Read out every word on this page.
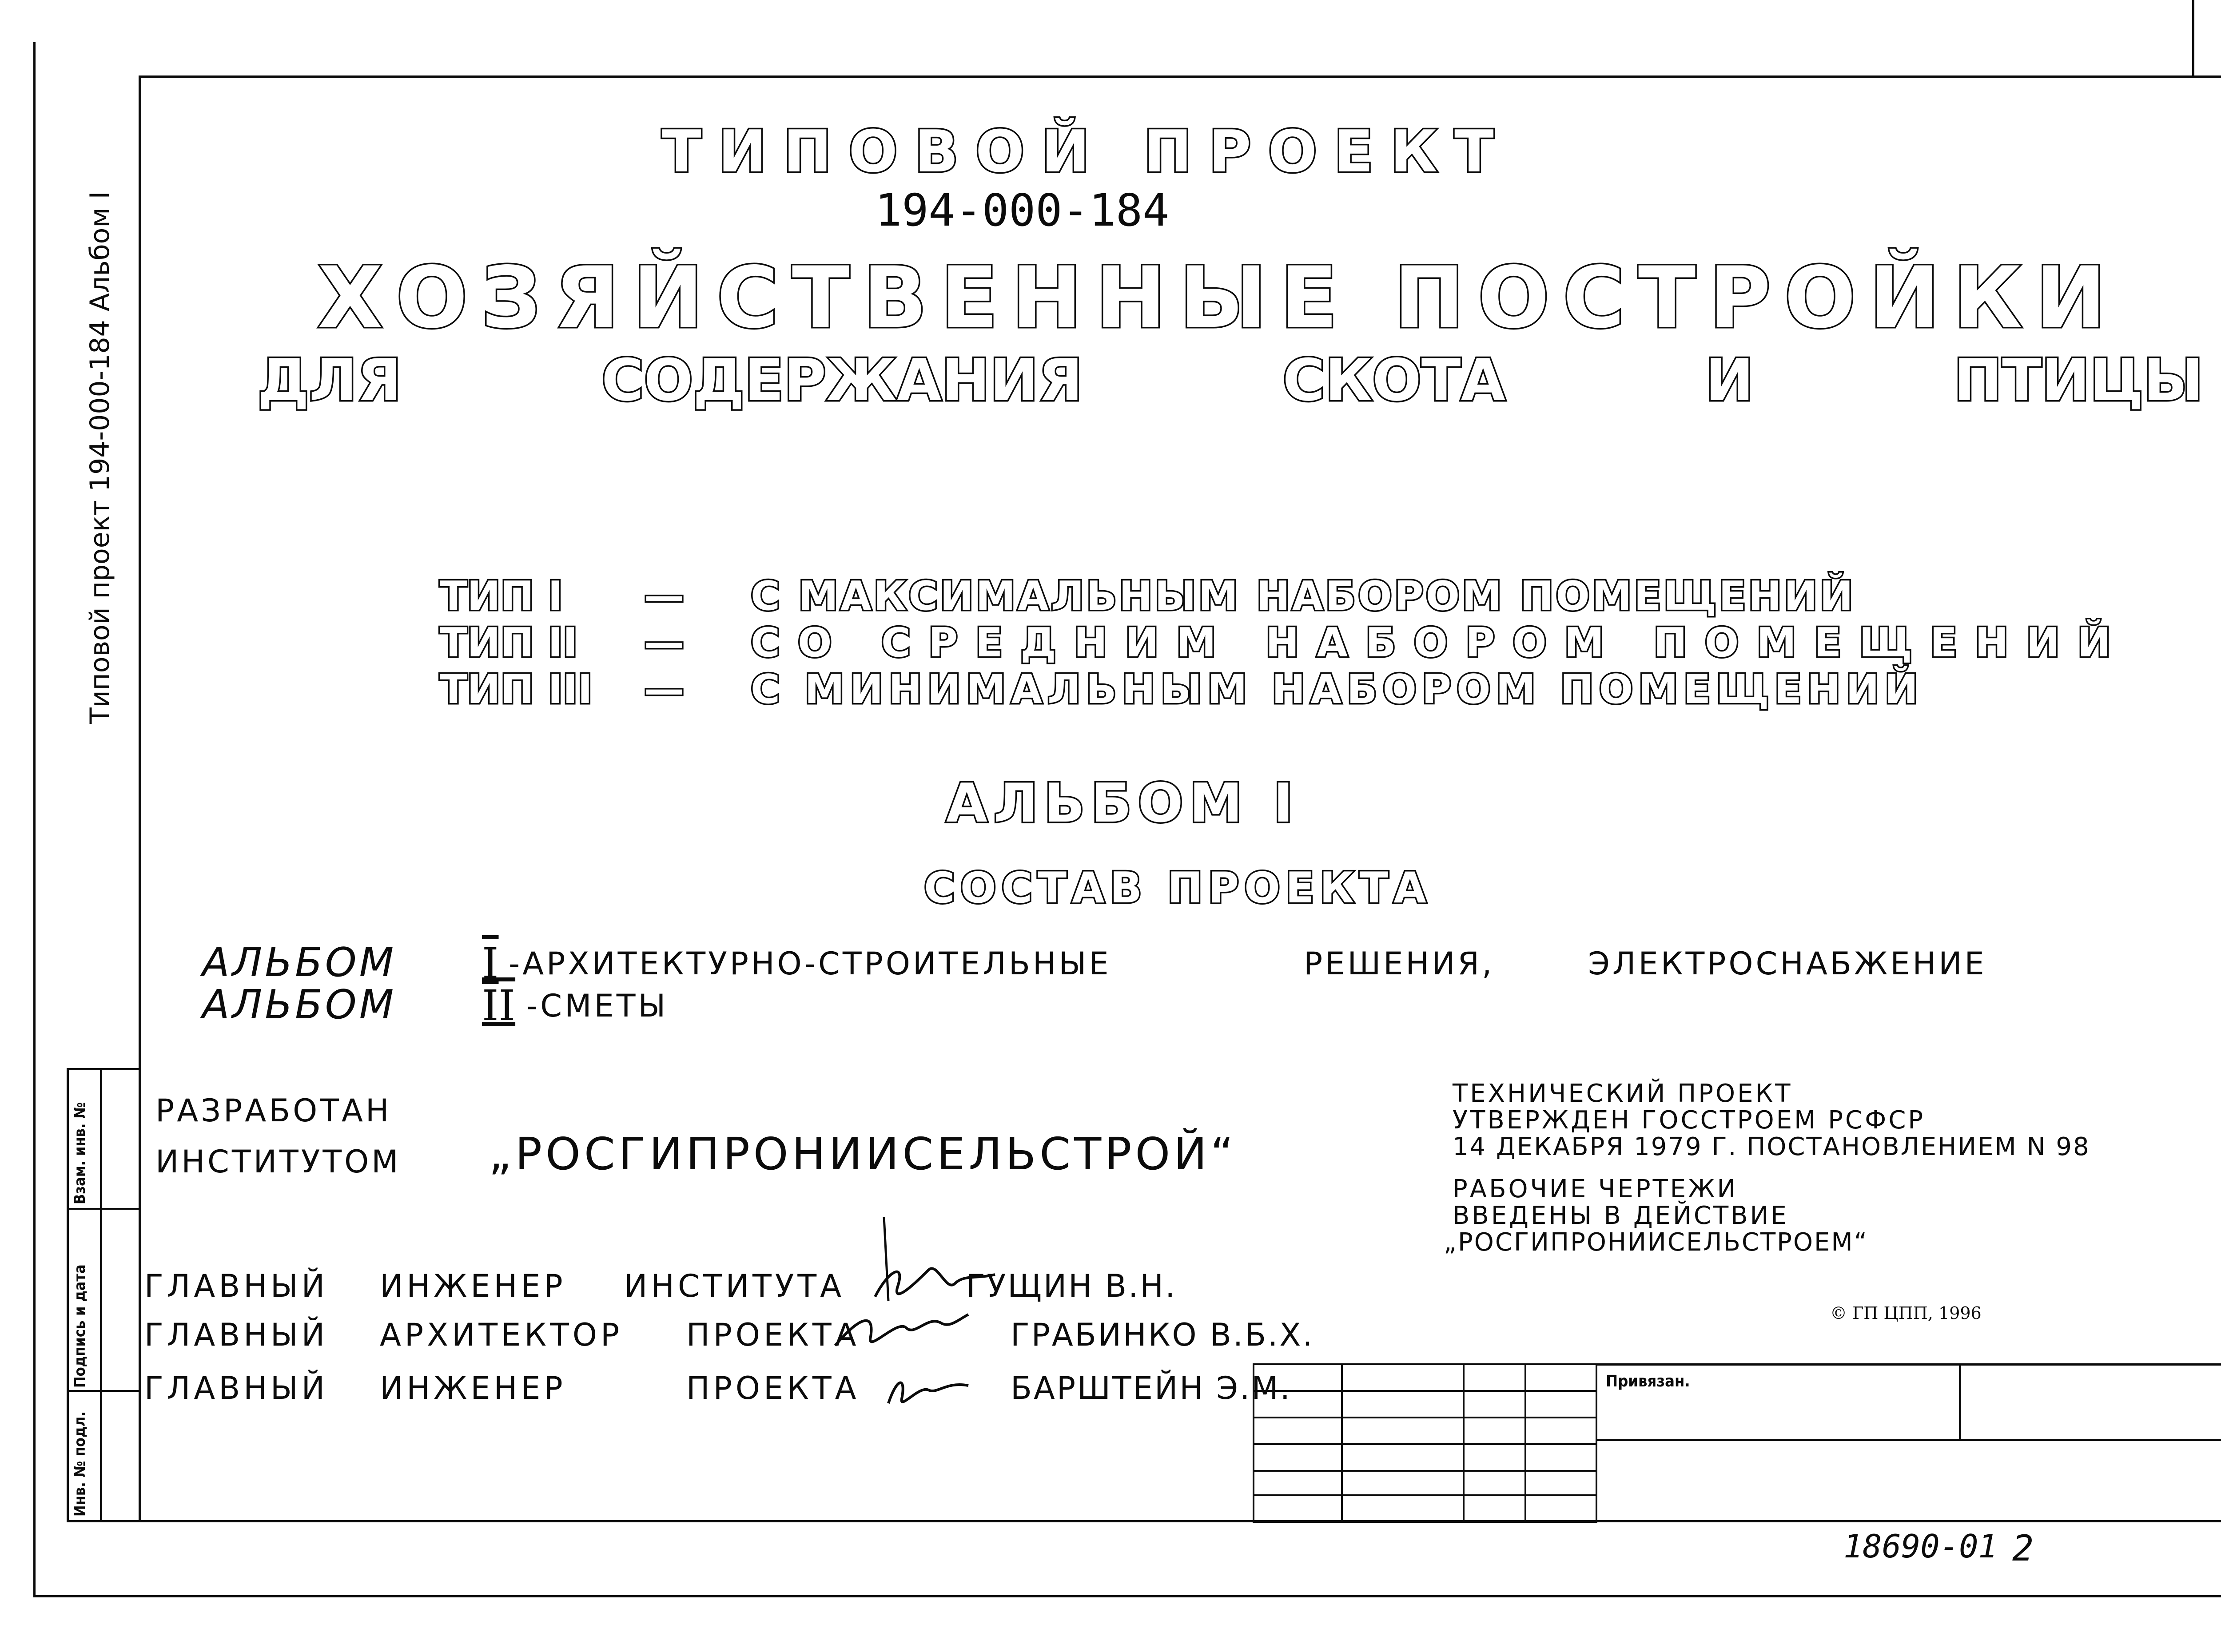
Типовой проект 194-000-184 Альбом I
Инв. № подл.
Подпись и дата
Взам. инв. №
ТИПОВОЙ ПРОЕКТ
194-000-184
ХОЗЯЙСТВЕННЫЕ ПОСТРОЙКИ
ДЛЯ	СОДЕРЖАНИЯ	СКОТА	И	ПТИЦЫ
ТИП I — С МАКСИМАЛЬНЫМ НАБОРОМ ПОМЕЩЕНИЙ
ТИП II — СО СРЕДНИМ НАБОРОМ ПОМЕЩЕНИЙ
ТИП III — С МИНИМАЛЬНЫМ НАБОРОМ ПОМЕЩЕНИЙ
АЛЬБОМ I
СОСТАВ ПРОЕКТА
АЛЬБОМ I -АРХИТЕКТУРНО-СТРОИТЕЛЬНЫЕ	РЕШЕНИЯ,	ЭЛЕКТРОСНАБЖЕНИЕ
АЛЬБОМ II -СМЕТЫ
РАЗРАБОТАН
ИНСТИТУТОМ „РОСГИПРОНИИСЕЛЬСТРОЙ“
ТЕХНИЧЕСКИЙ ПРОЕКТ
УТВЕРЖДЕН ГОССТРОЕМ РСФСР
14 ДЕКАБРЯ 1979 Г. ПОСТАНОВЛЕНИЕМ N 98
РАБОЧИЕ ЧЕРТЕЖИ
ВВЕДЕНЫ В ДЕЙСТВИЕ
„РОСГИПРОНИИСЕЛЬСТРОЕМ“
© ГП ЦПП, 1996
ГЛАВНЫЙ ИНЖЕНЕР ИНСТИТУТА	ГУЩИН В.Н.
ГЛАВНЫЙ АРХИТЕКТОР ПРОЕКТА	ГРАБИНКО В.Б.Х.
ГЛАВНЫЙ ИНЖЕНЕР	ПРОЕКТА	БАРШТЕЙН Э.М.

				Привязан.
18690-01 2
